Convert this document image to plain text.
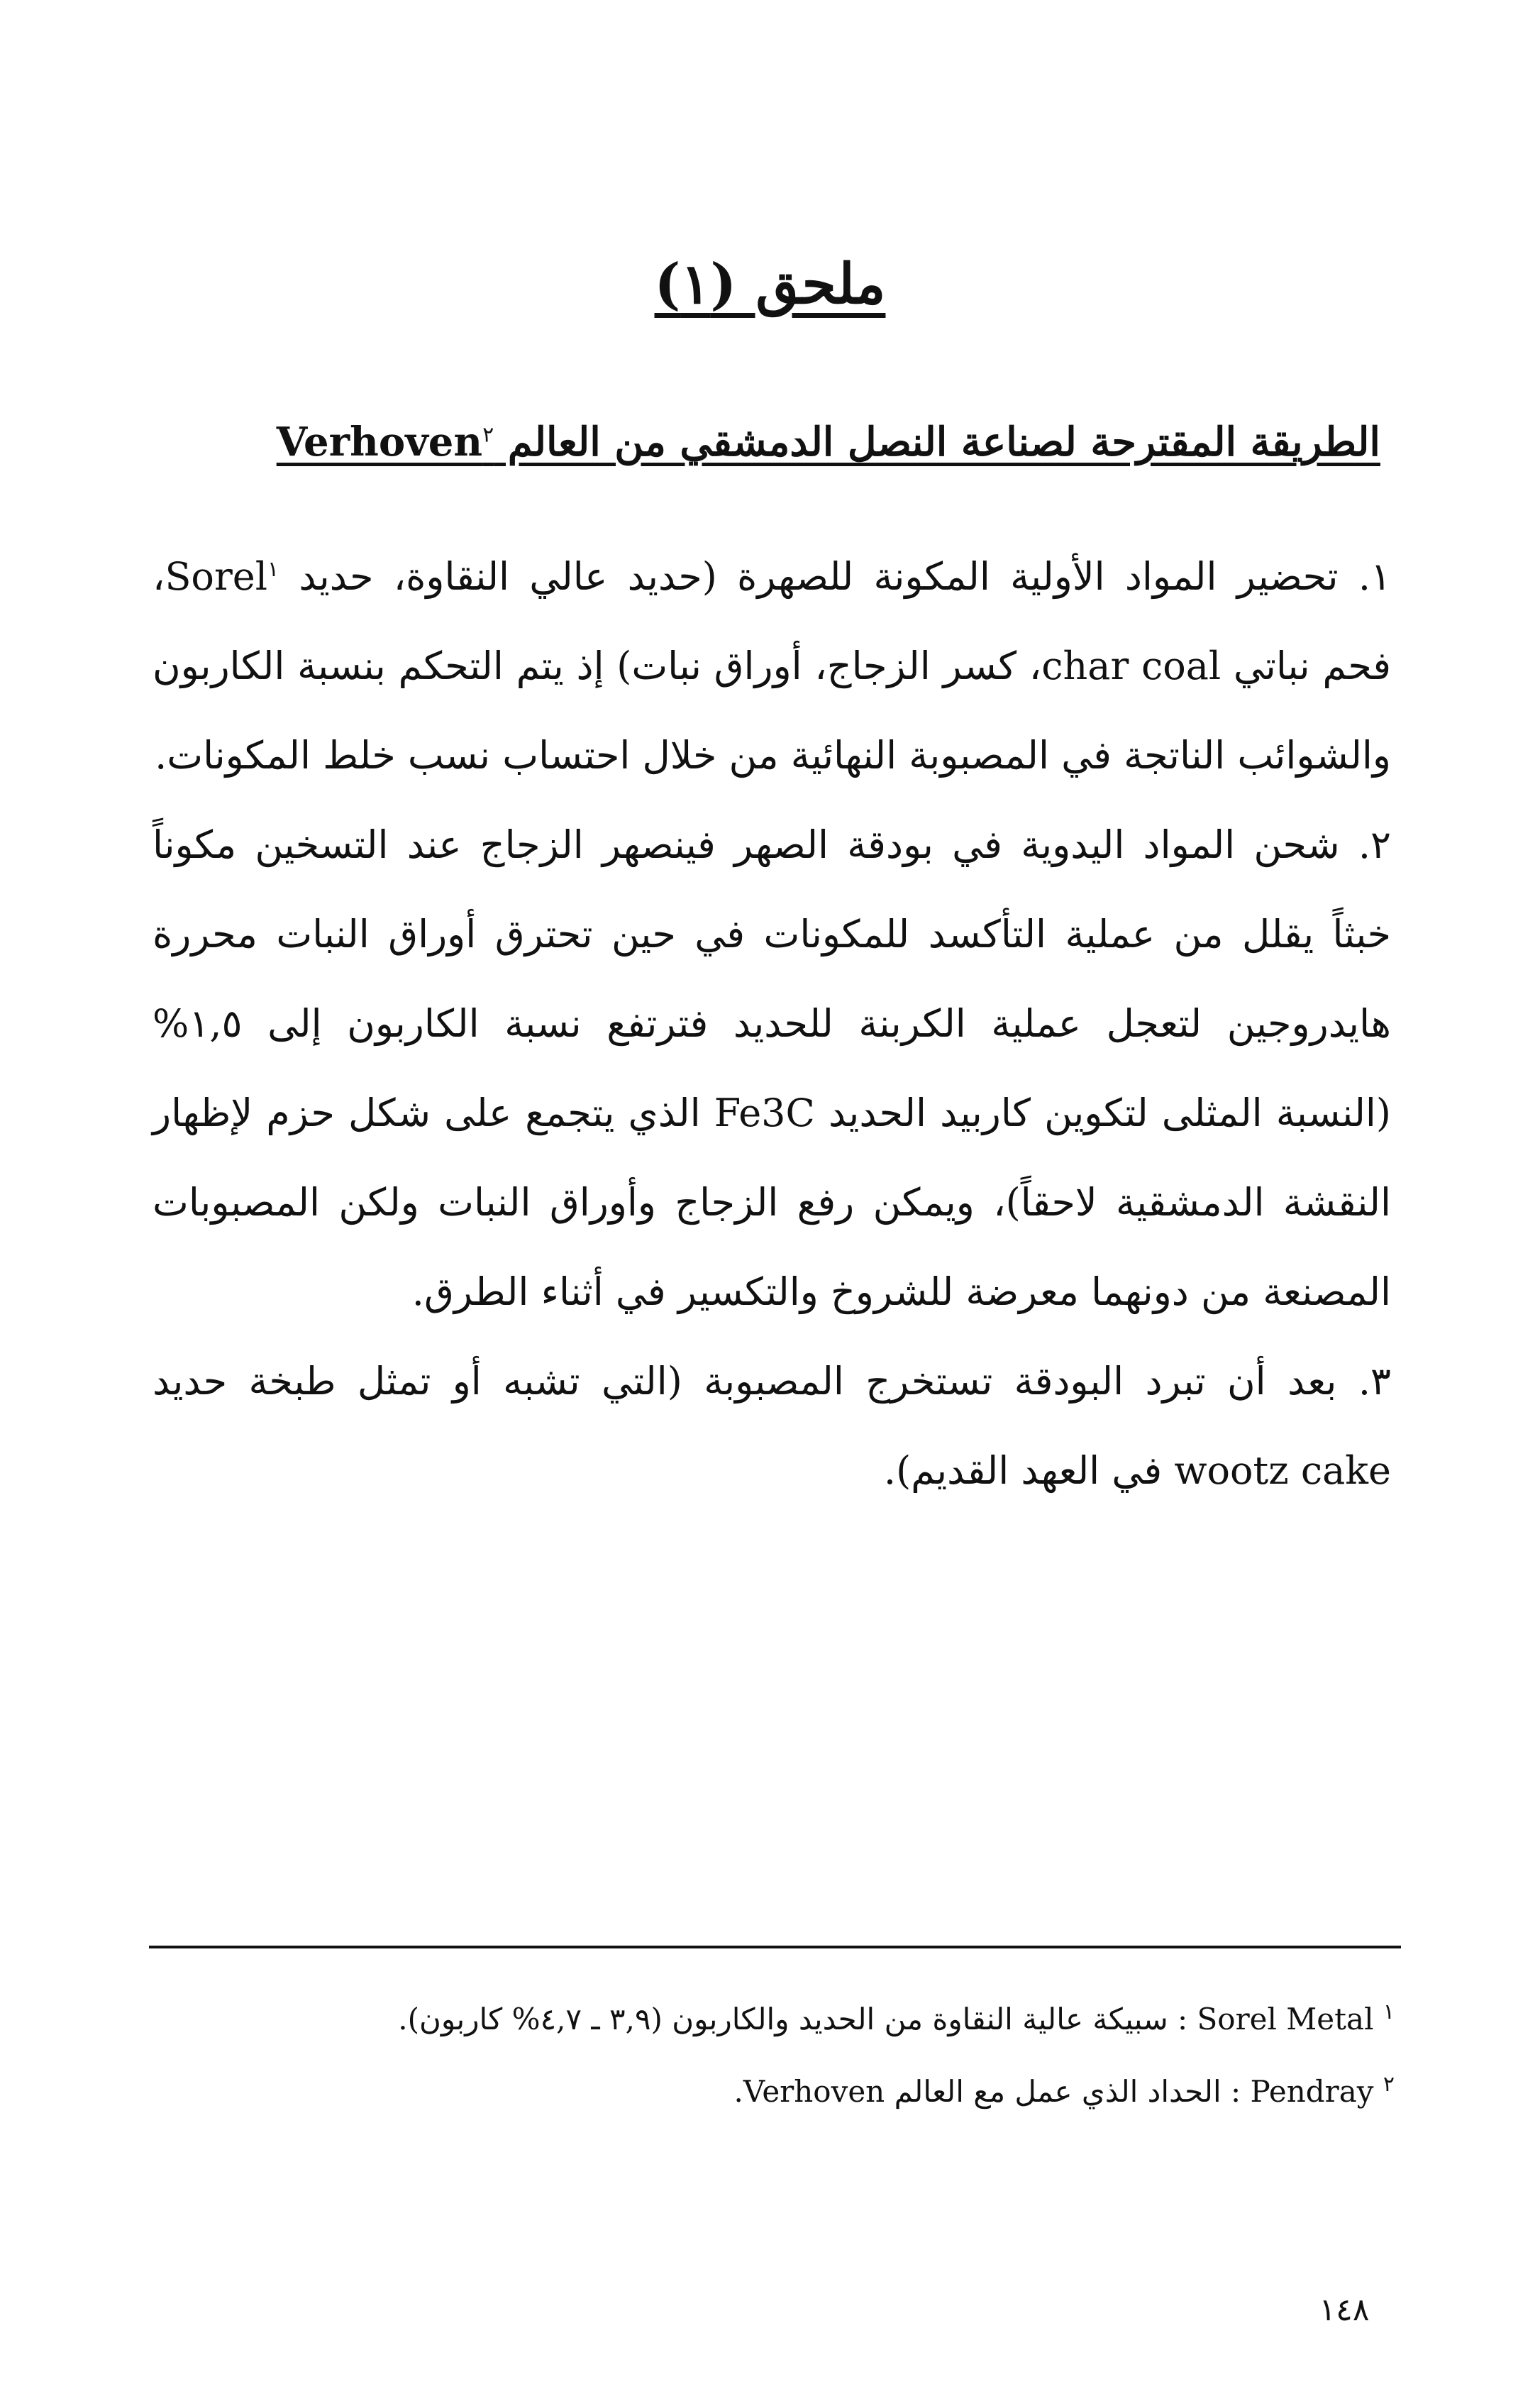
ملحق (١)
الطريقة المقترحة لصناعة النصل الدمشقي من العالم Verhoven$^٢$

١. تحضير المواد الأولية المكونة للصهرة (حديد عالي النقاوة، حديد Sorel$^١$، فحم نباتي char coal، كسر الزجاج، أوراق نبات) إذ يتم التحكم بنسبة الكاربون والشوائب الناتجة في المصبوبة النهائية من خلال احتساب نسب خلط المكونات.

٢. شحن المواد اليدوية في بودقة الصهر فينصهر الزجاج عند التسخين مكوناً خبثاً يقلل من عملية التأكسد للمكونات في حين تحترق أوراق النبات محررة هايدروجين لتعجل عملية الكربنة للحديد فترتفع نسبة الكاربون إلى ١,٥% (النسبة المثلى لتكوين كاربيد الحديد Fe3C الذي يتجمع على شكل حزم لإظهار النقشة الدمشقية لاحقاً)، ويمكن رفع الزجاج وأوراق النبات ولكن المصبوبات المصنعة من دونهما معرضة للشروخ والتكسير في أثناء الطرق.

٣. بعد أن تبرد البودقة تستخرج المصبوبة (التي تشبه أو تمثل طبخة حديد wootz cake في العهد القديم).

$^١$ Sorel Metal : سبيكة عالية النقاوة من الحديد والكاربون (٣,٩ ـ ٤,٧% كاربون).

$^٢$ Pendray : الحداد الذي عمل مع العالم Verhoven.

١٤٨
